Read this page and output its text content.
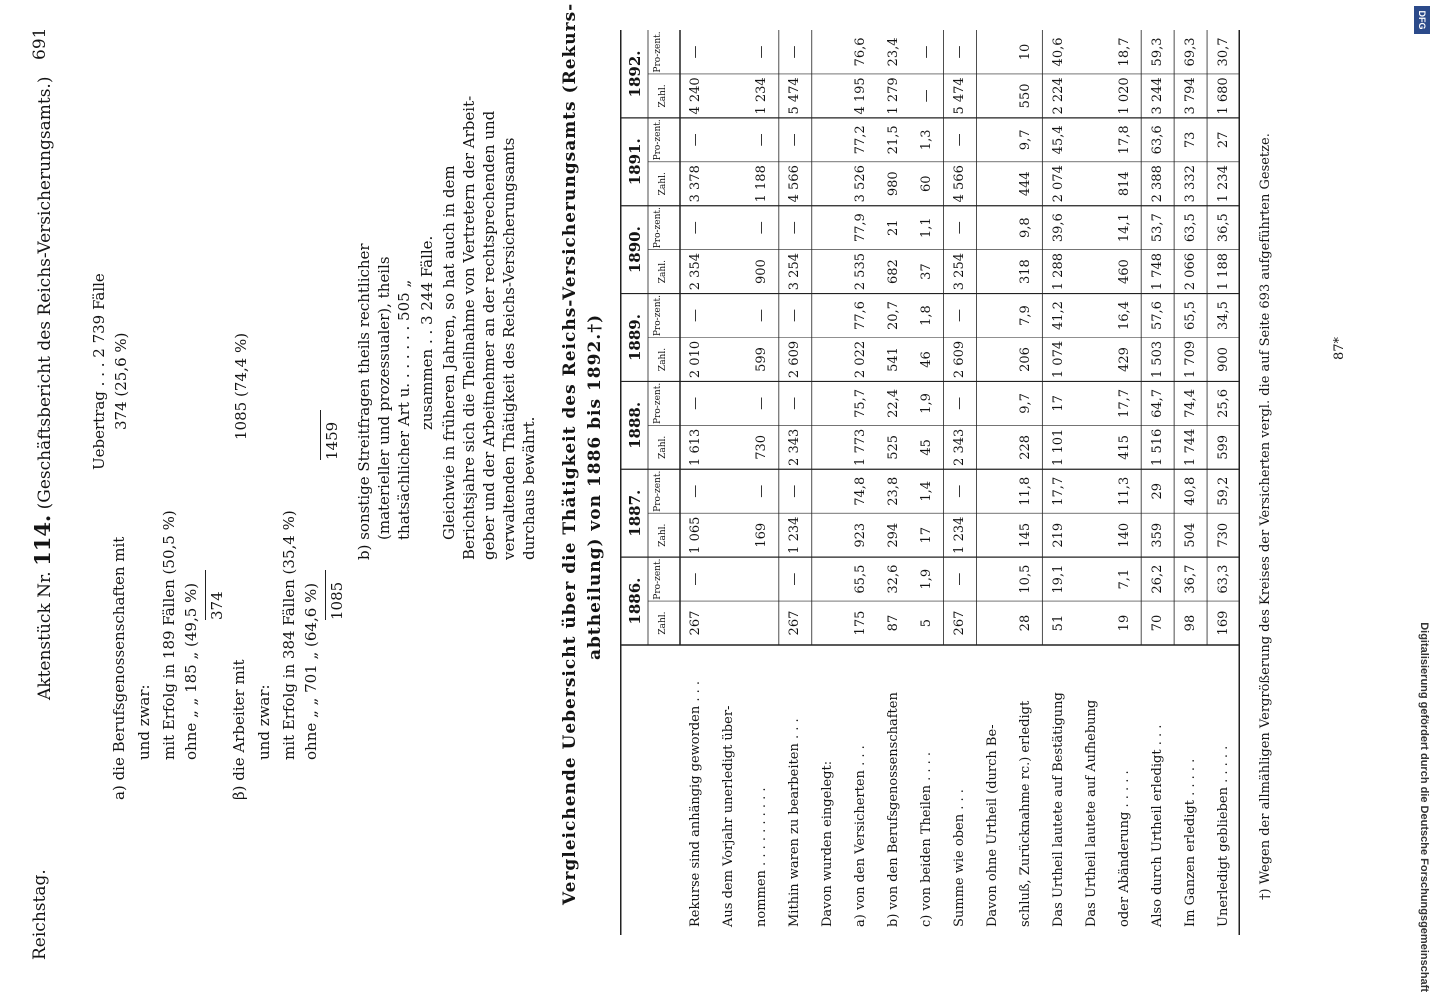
Reichstag.
Aktenstück Nr. 114. (Geschäftsbericht des Reichs-Versicherungsamts.)
691
a) die Berufsgenossenschaften mit und zwar: mit Erfolg in 189 Fällen (50,5 %) ohne „ „ 185 „ (49,5 %) 374
β) die Arbeiter mit und zwar: mit Erfolg in 384 Fällen (35,4 %) ohne „ „ 701 „ (64,6 %) 1085
Uebertrag . . . 2 739 Fälle 374 (25,6 %)	1085 (74,4 %)
1459 b) sonstige Streitfragen theils rechtlicher (materieller und prozessualer), theils thatsächlicher Art u. . . . . . . 505 „ zusammen . . 3 244 Fälle. Gleichwie in früheren Jahren, so hat auch in dem Berichtsjahre sich die Theilnahme von Vertretern der Arbeit- geber und der Arbeitnehmer an der rechtsprechenden und verwaltenden Thätigkeit des Reichs-Versicherungsamts durchaus bewährt. Vergleichende Uebersicht über die Thätigkeit des Reichs-Versicherungsamts (Rekurs- abtheilung) von 1886 bis 1892.†) 1886. Zahl.
Pro-zent.
1887. Zahl.
Pro-zent.
1888. Zahl.
Pro-zent.
1889. Zahl.
Pro-zent.
1890. Zahl.
Pro-zent.
1891. Zahl.
Pro-zent.
1892. Zahl.
Pro-zent.
Rekurse sind anhängig geworden . . .
267
—
1 065
—
1 613
—
2 010
—
2 354
—
3 378
—
4 240
—
Aus dem Vorjahr unerledigt über- nommen . . . . . . . . . .
169
—
730
—
599
—
900
—
1 188
—
1 234
—
Mithin waren zu bearbeiten . . .
267
—
1 234
—
2 343
—
2 609
—
3 254
—
4 566
—
5 474
—
Davon wurden eingelegt: a) von den Versicherten . . .
175
65,5
923
74,8
1 773
75,7
2 022
77,6
2 535
77,9
3 526
77,2
4 195
76,6
b) von den Berufsgenossenschaften
87
32,6
294
23,8
525
22,4
541
20,7
682
21
980
21,5
1 279
23,4
c) von beiden Theilen . . . .
5
1,9
17
1,4
45
1,9
46
1,8
37
1,1
60
1,3
—
—
Summe wie oben . . .
267
—
1 234
—
2 343
—
2 609
—
3 254
—
4 566
—
5 474
—
Davon ohne Urtheil (durch Be- schluß, Zurücknahme rc.) erledigt
28
10,5
145
11,8
228
9,7
206
7,9
318
9,8
444
9,7
550
10
Das Urtheil lautete auf Bestätigung
51
19,1
219
17,7
1 101
17
1 074
41,2
1 288
39,6
2 074
45,4
2 224
40,6
Das Urtheil lautete auf Aufhebung oder Abänderung . . . . .
19
7,1
140
11,3
415
17,7
429
16,4
460
14,1
814
17,8
1 020
18,7
Also durch Urtheil erledigt . . .
70
26,2
359
29
1 516
64,7
1 503
57,6
1 748
53,7
2 388
63,6
3 244
59,3
Im Ganzen erledigt . . . . .
98
36,7
504
40,8
1 744
74,4
1 709
65,5
2 066
63,5
3 332
73
3 794
69,3
Unerledigt geblieben . . . . .
169
63,3
730
59,2
599
25,6
900
34,5
1 188
36,5
1 234
27
1 680
30,7
†) Wegen der allmähligen Vergrößerung des Kreises der Versicherten vergl. die auf Seite 693 aufgeführten Gesetze.	87*
Digitalisierung gefördert durch die Deutsche Forschungsgemeinschaft
DFG
